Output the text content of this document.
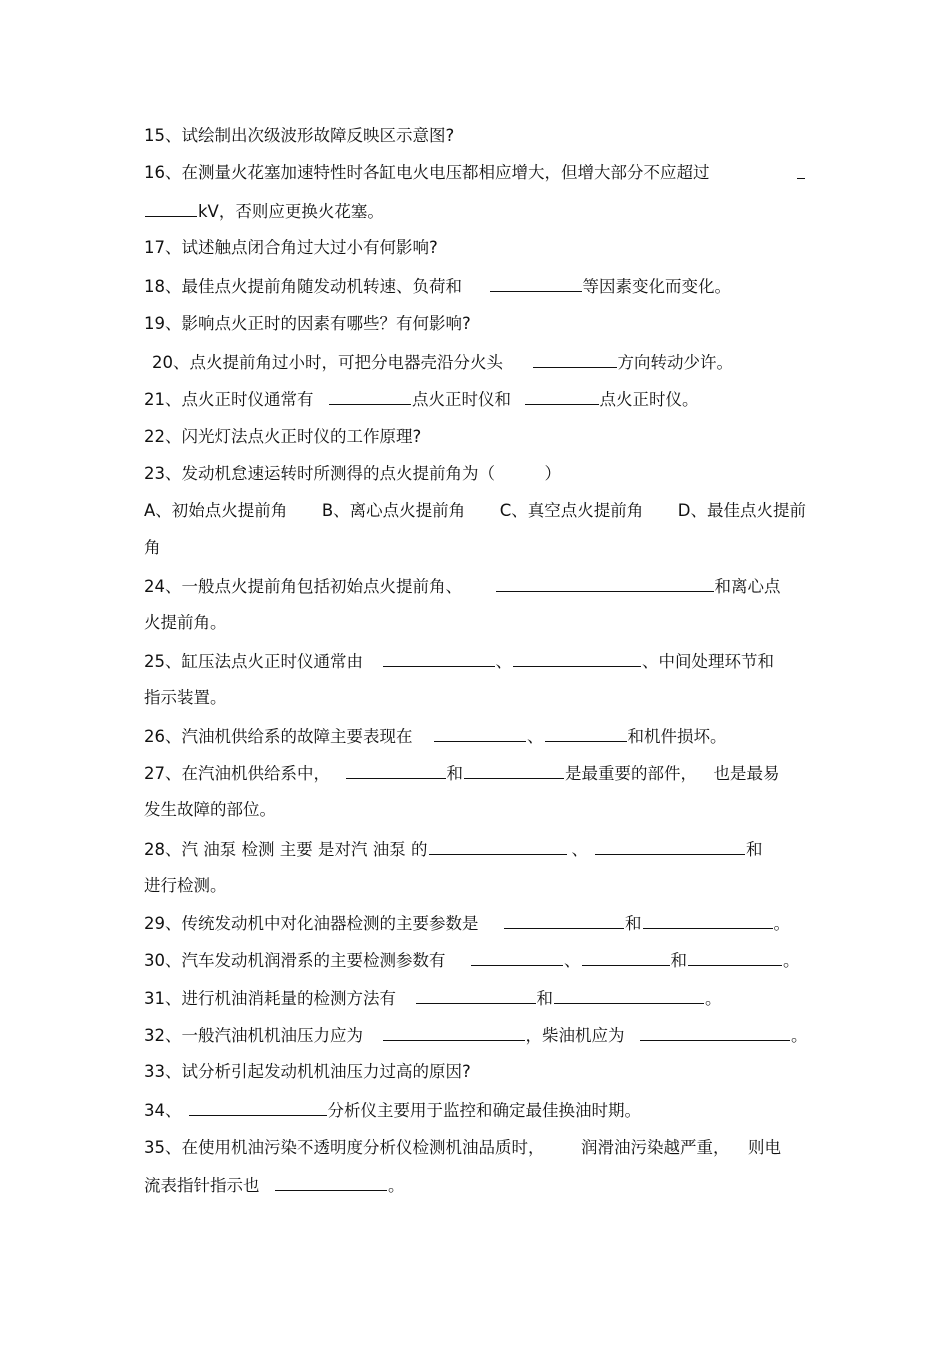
15、试绘制出次级波形故障反映区示意图?
16、在测量火花塞加速特性时各缸电火电压都相应增大，但增大部分不应超过
kV，否则应更换火花塞。
17、试述触点闭合角过大过小有何影响?
18、最佳点火提前角随发动机转速、负荷和	等因素变化而变化。
19、影响点火正时的因素有哪些？有何影响?
20、点火提前角过小时，可把分电器壳沿分火头	方向转动少许。
21、点火正时仪通常有	点火正时仪和	点火正时仪。
22、闪光灯法点火正时仪的工作原理?
23、发动机怠速运转时所测得的点火提前角为（　　　）
A、初始点火提前角 B、离心点火提前角 C、真空点火提前角 D、最佳点火提前
角
24、一般点火提前角包括初始点火提前角、	和离心点
火提前角。
25、缸压法点火正时仪通常由	、	、中间处理环节和
指示装置。
26、汽油机供给系的故障主要表现在	、	和机件损坏。
27、在汽油机供给系中，	和	是最重要的部件， 也是最易
发生故障的部位。
28、汽 油泵 检测 主要 是对汽 油泵 的	、	和
进行检测。
29、传统发动机中对化油器检测的主要参数是	和	。
30、汽车发动机润滑系的主要检测参数有	、	和	。
31、进行机油消耗量的检测方法有	和	。
32、一般汽油机机油压力应为	，柴油机应为	。
33、试分析引起发动机机油压力过高的原因?
34、	分析仪主要用于监控和确定最佳换油时期。
35、在使用机油污染不透明度分析仪检测机油品质时， 润滑油污染越严重， 则电
流表指针指示也	。
